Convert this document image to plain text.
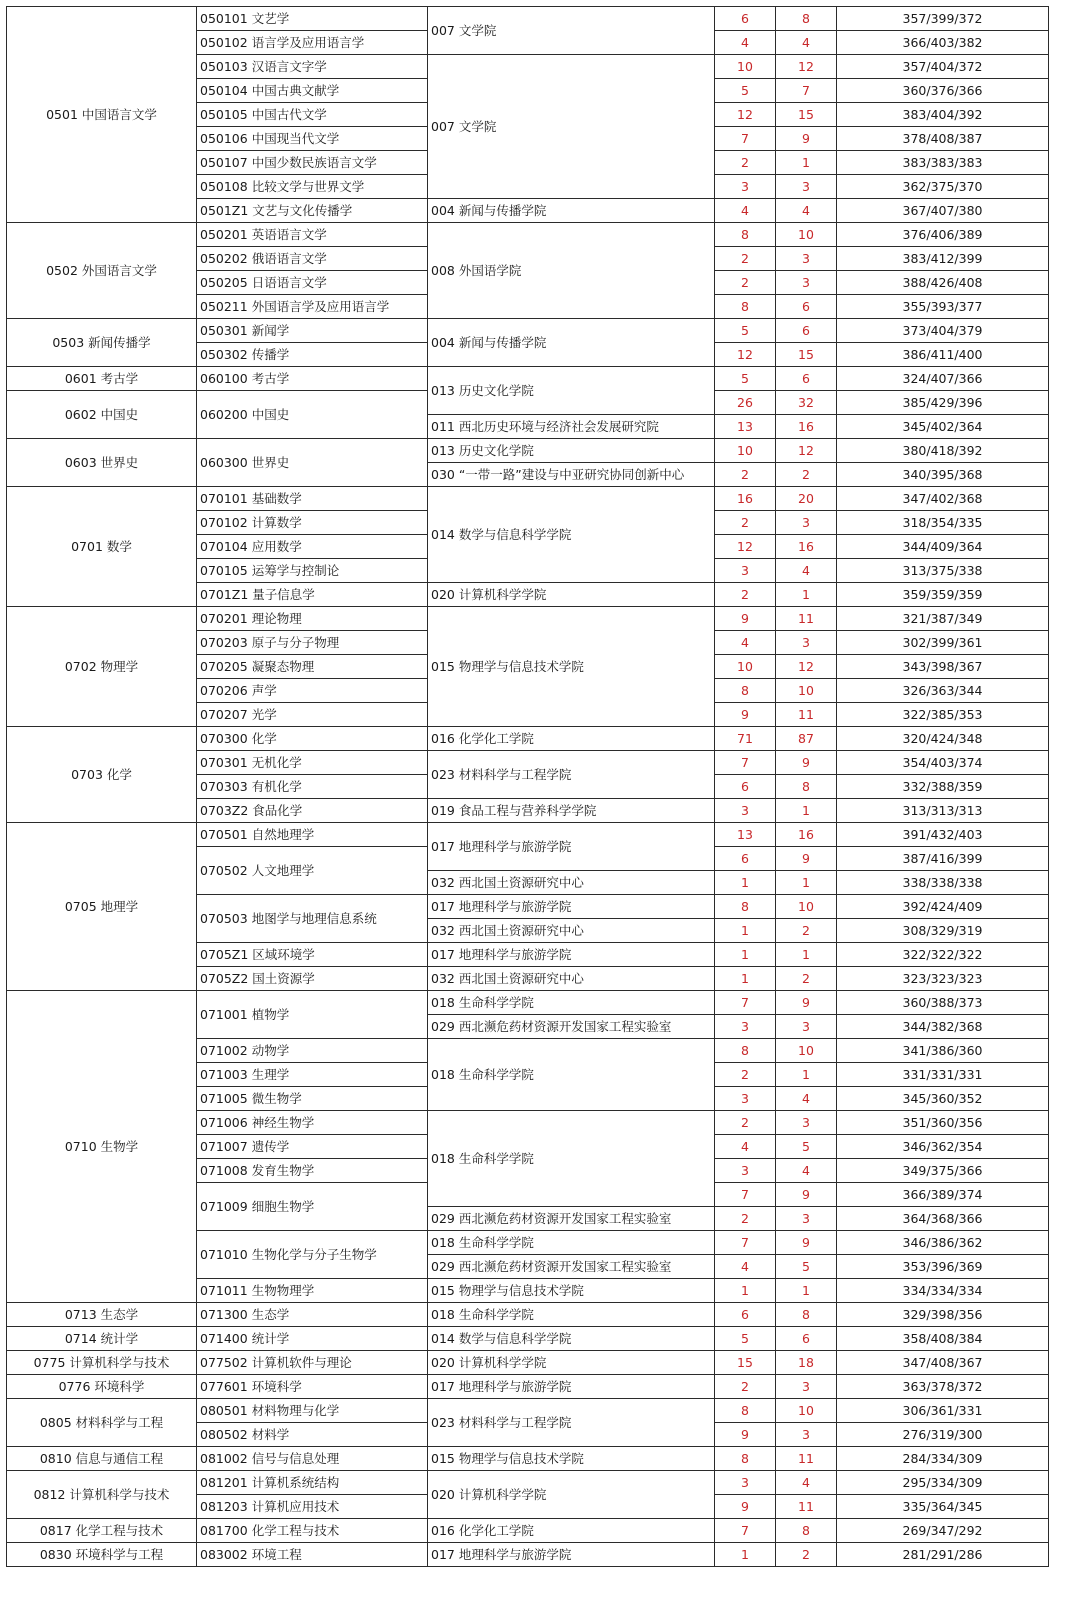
0501 中国语言文学	050101 文艺学	007 文学院	6	8	357/399/372
	050102 语言学及应用语言学		4	4	366/403/382
	050103 汉语言文字学	007 文学院	10	12	357/404/372
	050104 中国古典文献学		5	7	360/376/366
	050105 中国古代文学		12	15	383/404/392
	050106 中国现当代文学		7	9	378/408/387
	050107 中国少数民族语言文学		2	1	383/383/383
	050108 比较文学与世界文学		3	3	362/375/370
	0501Z1 文艺与文化传播学	004 新闻与传播学院	4	4	367/407/380
0502 外国语言文学	050201 英语语言文学	008 外国语学院	8	10	376/406/389
	050202 俄语语言文学		2	3	383/412/399
	050205 日语语言文学		2	3	388/426/408
	050211 外国语言学及应用语言学		8	6	355/393/377
0503 新闻传播学	050301 新闻学	004 新闻与传播学院	5	6	373/404/379
	050302 传播学		12	15	386/411/400
0601 考古学	060100 考古学	013 历史文化学院	5	6	324/407/366
0602 中国史	060200 中国史		26	32	385/429/396
		011 西北历史环境与经济社会发展研究院	13	16	345/402/364
0603 世界史	060300 世界史	013 历史文化学院	10	12	380/418/392
		030 “一带一路”建设与中亚研究协同创新中心	2	2	340/395/368
0701 数学	070101 基础数学	014 数学与信息科学学院	16	20	347/402/368
	070102 计算数学		2	3	318/354/335
	070104 应用数学		12	16	344/409/364
	070105 运筹学与控制论		3	4	313/375/338
	0701Z1 量子信息学	020 计算机科学学院	2	1	359/359/359
0702 物理学	070201 理论物理	015 物理学与信息技术学院	9	11	321/387/349
	070203 原子与分子物理		4	3	302/399/361
	070205 凝聚态物理		10	12	343/398/367
	070206 声学		8	10	326/363/344
	070207 光学		9	11	322/385/353
0703 化学	070300 化学	016 化学化工学院	71	87	320/424/348
	070301 无机化学	023 材料科学与工程学院	7	9	354/403/374
	070303 有机化学		6	8	332/388/359
	0703Z2 食品化学	019 食品工程与营养科学学院	3	1	313/313/313
0705 地理学	070501 自然地理学	017 地理科学与旅游学院	13	16	391/432/403
	070502 人文地理学		6	9	387/416/399
		032 西北国土资源研究中心	1	1	338/338/338
	070503 地图学与地理信息系统	017 地理科学与旅游学院	8	10	392/424/409
		032 西北国土资源研究中心	1	2	308/329/319
	0705Z1 区域环境学	017 地理科学与旅游学院	1	1	322/322/322
	0705Z2 国土资源学	032 西北国土资源研究中心	1	2	323/323/323
0710 生物学	071001 植物学	018 生命科学学院	7	9	360/388/373
		029 西北濒危药材资源开发国家工程实验室	3	3	344/382/368
	071002 动物学	018 生命科学学院	8	10	341/386/360
	071003 生理学		2	1	331/331/331
	071005 微生物学		3	4	345/360/352
	071006 神经生物学	018 生命科学学院	2	3	351/360/356
	071007 遗传学		4	5	346/362/354
	071008 发育生物学		3	4	349/375/366
	071009 细胞生物学		7	9	366/389/374
		029 西北濒危药材资源开发国家工程实验室	2	3	364/368/366
	071010 生物化学与分子生物学	018 生命科学学院	7	9	346/386/362
		029 西北濒危药材资源开发国家工程实验室	4	5	353/396/369
	071011 生物物理学	015 物理学与信息技术学院	1	1	334/334/334
0713 生态学	071300 生态学	018 生命科学学院	6	8	329/398/356
0714 统计学	071400 统计学	014 数学与信息科学学院	5	6	358/408/384
0775 计算机科学与技术	077502 计算机软件与理论	020 计算机科学学院	15	18	347/408/367
0776 环境科学	077601 环境科学	017 地理科学与旅游学院	2	3	363/378/372
0805 材料科学与工程	080501 材料物理与化学	023 材料科学与工程学院	8	10	306/361/331
	080502 材料学		9	3	276/319/300
0810 信息与通信工程	081002 信号与信息处理	015 物理学与信息技术学院	8	11	284/334/309
0812 计算机科学与技术	081201 计算机系统结构	020 计算机科学学院	3	4	295/334/309
	081203 计算机应用技术		9	11	335/364/345
0817 化学工程与技术	081700 化学工程与技术	016 化学化工学院	7	8	269/347/292
0830 环境科学与工程	083002 环境工程	017 地理科学与旅游学院	1	2	281/291/286
